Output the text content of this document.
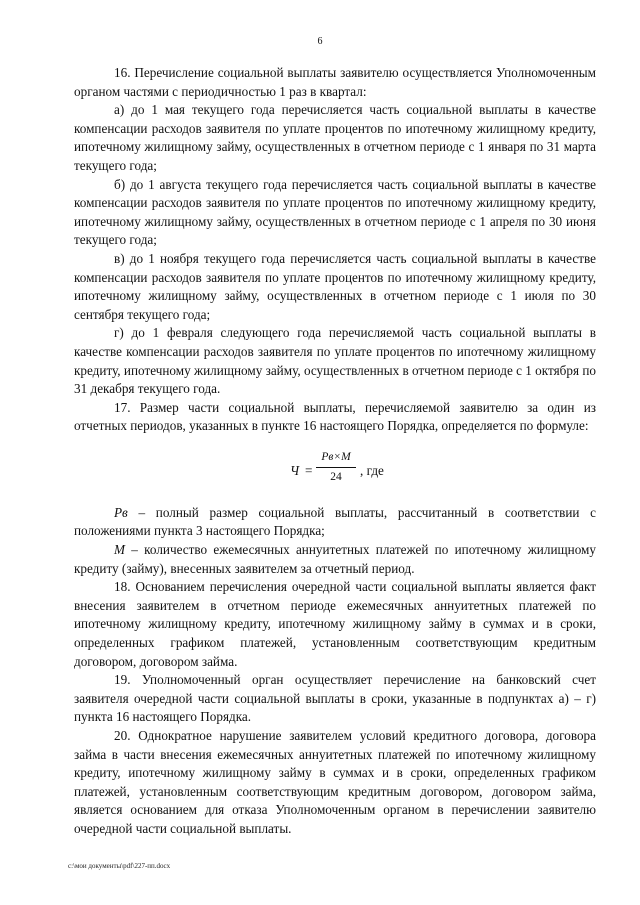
6

16. Перечисление социальной выплаты заявителю осуществляется Уполномоченным органом частями с периодичностью 1 раз в квартал:

а) до 1 мая текущего года перечисляется часть социальной выплаты в качестве компенсации расходов заявителя по уплате процентов по ипотечному жилищному кредиту, ипотечному жилищному займу, осуществленных в отчетном периоде с 1 января по 31 марта текущего года;

б) до 1 августа текущего года перечисляется часть социальной выплаты в качестве компенсации расходов заявителя по уплате процентов по ипотечному жилищному кредиту, ипотечному жилищному займу, осуществленных в отчетном периоде с 1 апреля по 30 июня текущего года;

в) до 1 ноября текущего года перечисляется часть социальной выплаты в качестве компенсации расходов заявителя по уплате процентов по ипотечному жилищному кредиту, ипотечному жилищному займу, осуществленных в отчетном периоде с 1 июля по 30 сентября текущего года;

г) до 1 февраля следующего года перечисляемой часть социальной выплаты в качестве компенсации расходов заявителя по уплате процентов по ипотечному жилищному кредиту, ипотечному жилищному займу, осуществленных в отчетном периоде с 1 октября по 31 декабря текущего года.

17. Размер части социальной выплаты, перечисляемой заявителю за один из отчетных периодов, указанных в пункте 16 настоящего Порядка, определяется по формуле:

Ч =
Рв×М
24	, где

Рв – полный размер социальной выплаты, рассчитанный в соответствии с положениями пункта 3 настоящего Порядка;

М – количество ежемесячных аннуитетных платежей по ипотечному жилищному кредиту (займу), внесенных заявителем за отчетный период.

18. Основанием перечисления очередной части социальной выплаты является факт внесения заявителем в отчетном периоде ежемесячных аннуитетных платежей по ипотечному жилищному кредиту, ипотечному жилищному займу в суммах и в сроки, определенных графиком платежей, установленным соответствующим кредитным договором, договором займа.

19. Уполномоченный орган осуществляет перечисление на банковский счет заявителя очередной части социальной выплаты в сроки, указанные в подпунктах а) – г) пункта 16 настоящего Порядка.

20. Однократное нарушение заявителем условий кредитного договора, договора займа в части внесения ежемесячных аннуитетных платежей по ипотечному жилищному кредиту, ипотечному жилищному займу в суммах и в сроки, определенных графиком платежей, установленным соответствующим кредитным договором, договором займа, является основанием для отказа Уполномоченным органом в перечислении заявителю очередной части социальной выплаты.

c:\мои документы\pdf\227-пп.docx
